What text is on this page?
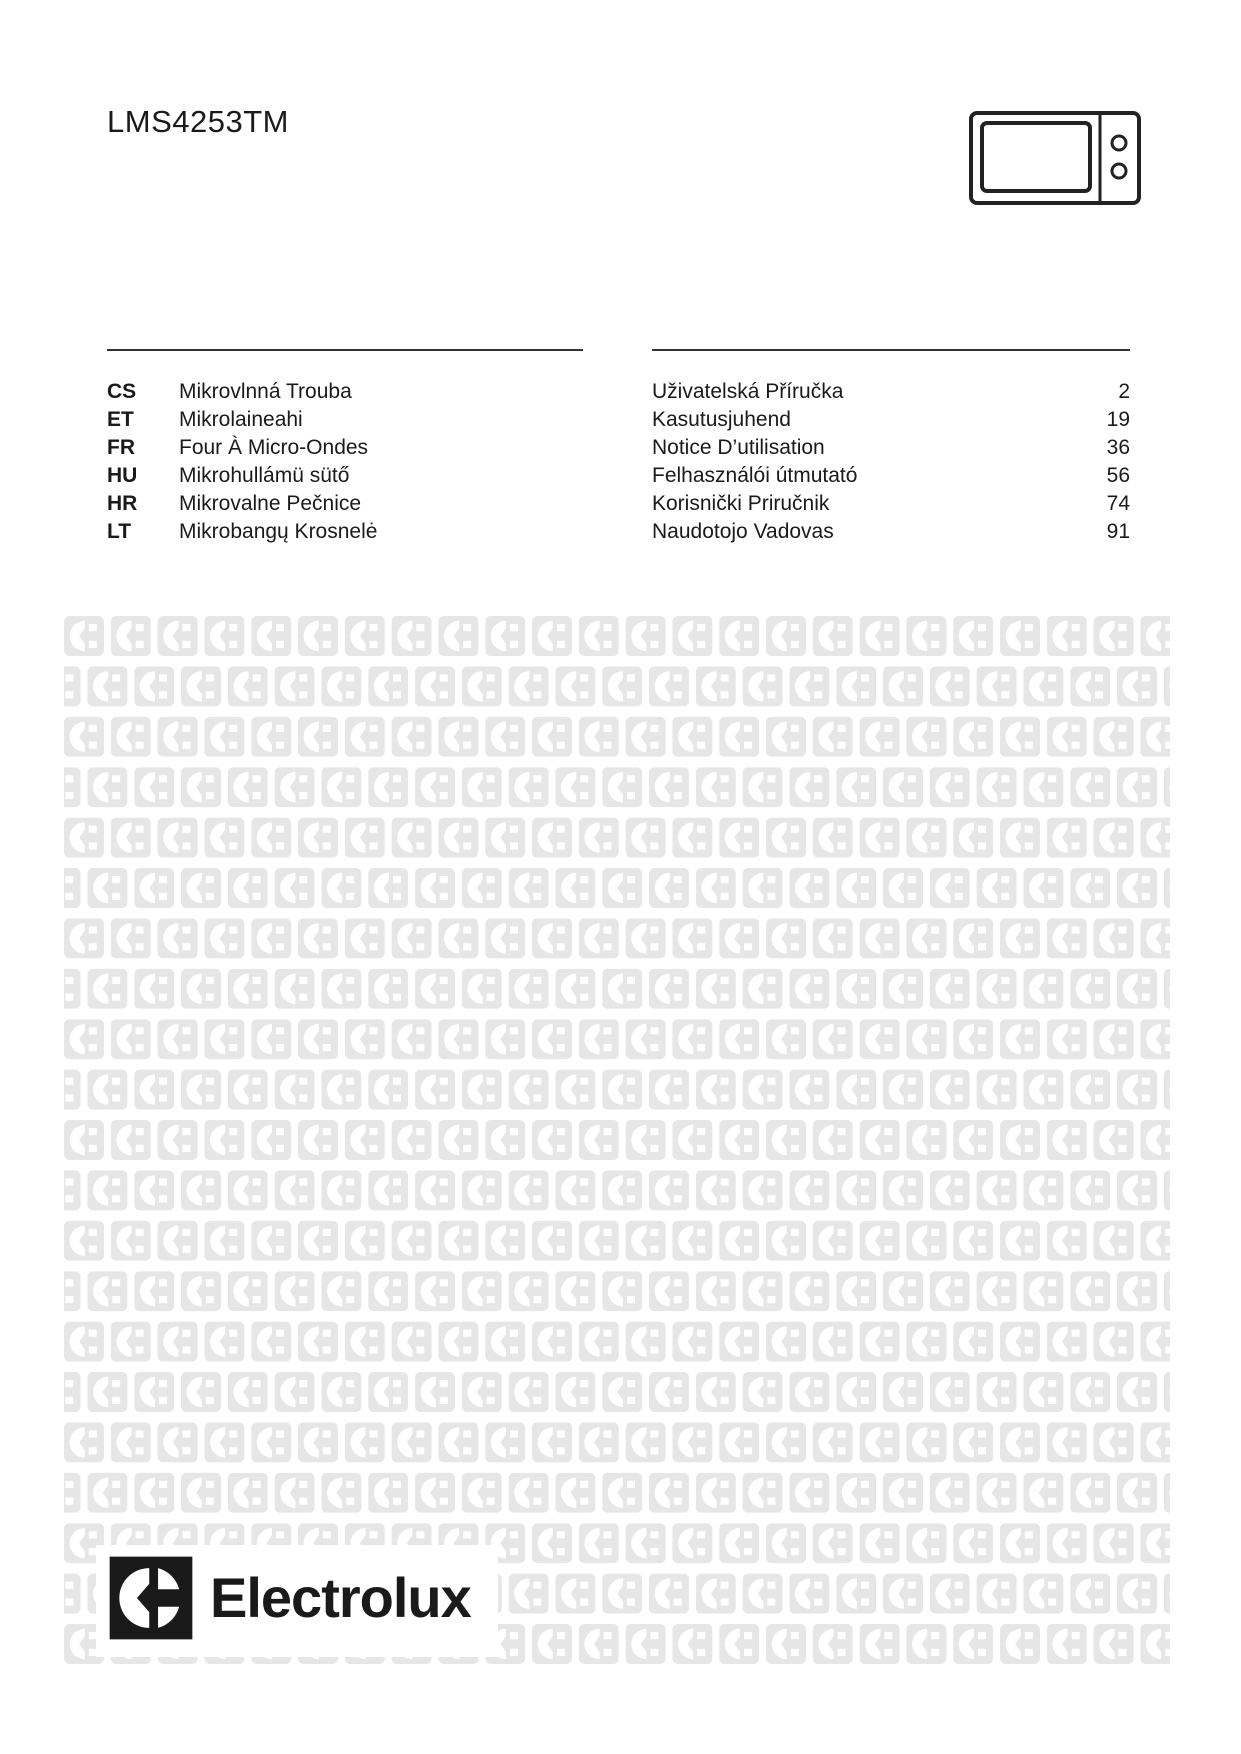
LMS4253TM
CS Mikrovlnná Trouba	Uživatelská Příručka	2
ET Mikrolaineahi	Kasutusjuhend	19
FR Four À Micro-Ondes	Notice D’utilisation	36
HU Mikrohullámü sütő	Felhasználói útmutató	56
HR Mikrovalne Pečnice	Korisnički Priručnik	74
LT Mikrobangų Krosnelė	Naudotojo Vadovas	91
Electrolux
